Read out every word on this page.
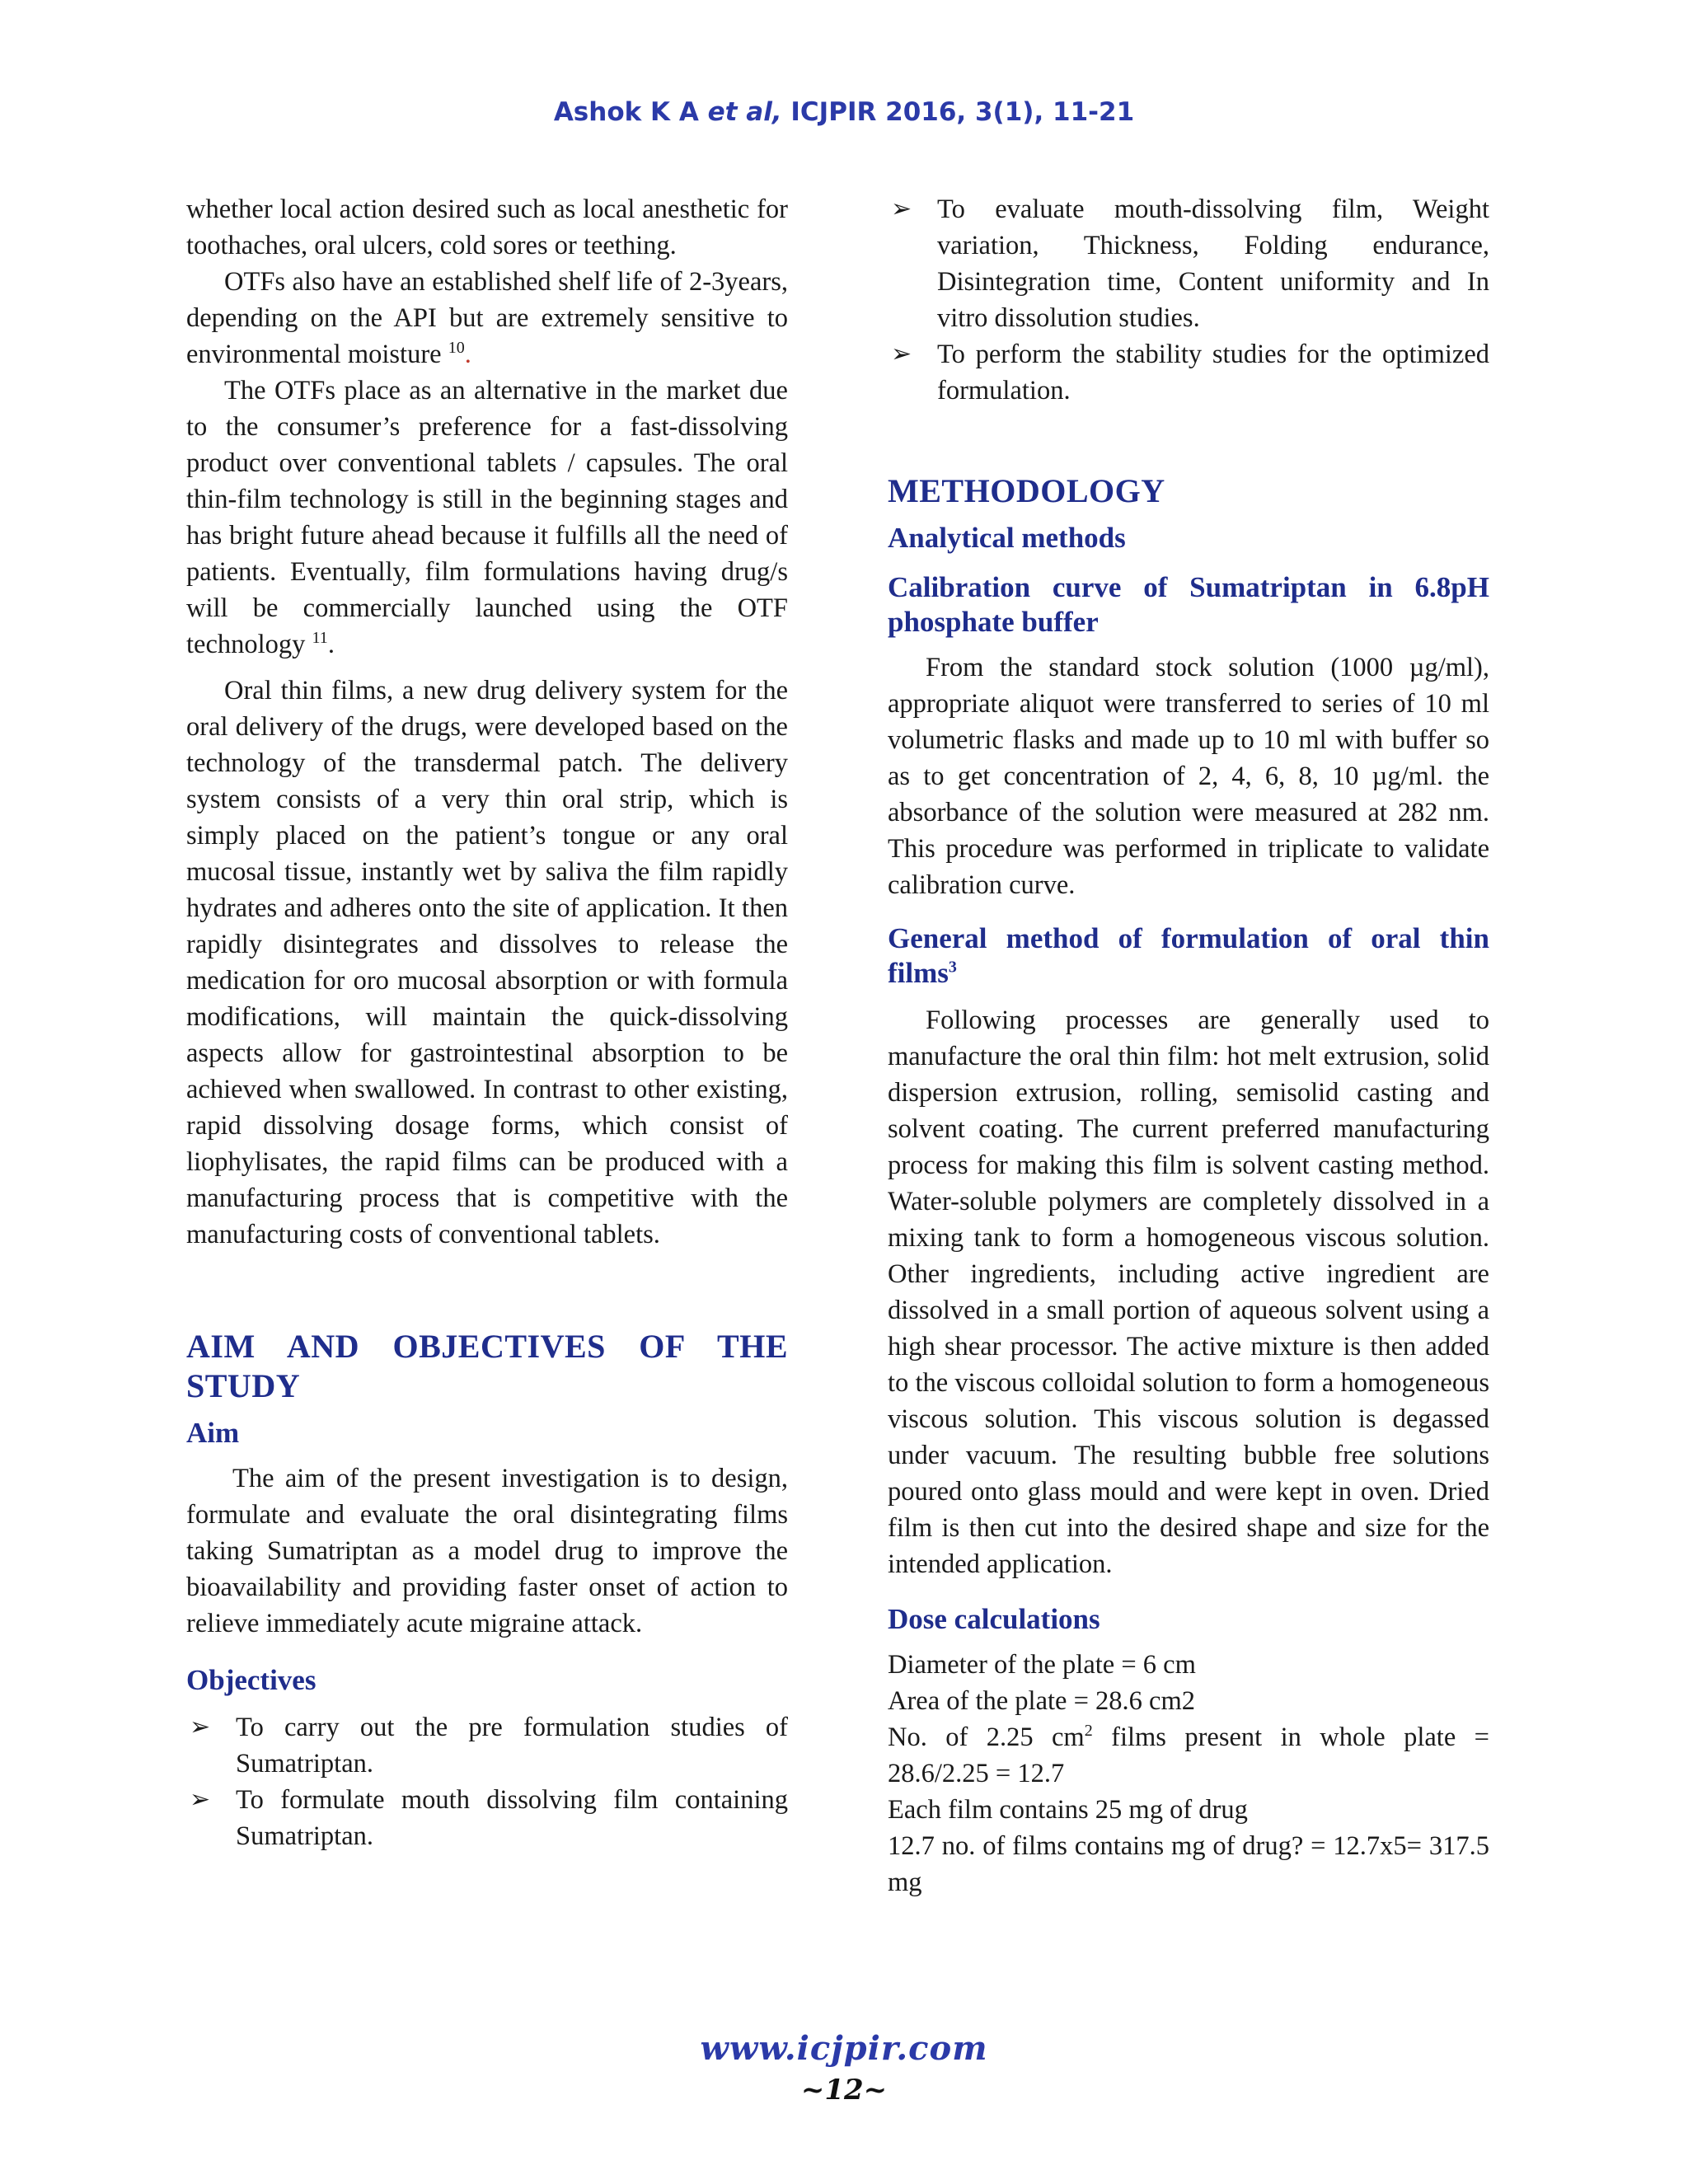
Ashok K A et al, ICJPIR 2016, 3(1), 11-21

whether local action desired such as local anesthetic for toothaches, oral ulcers, cold sores or teething.

OTFs also have an established shelf life of 2-3years, depending on the API but are extremely sensitive to environmental moisture $^{10}$.

The OTFs place as an alternative in the market due to the consumer’s preference for a fast-dissolving product over conventional tablets / capsules. The oral thin-film technology is still in the beginning stages and has bright future ahead because it fulfills all the need of patients. Eventually, film formulations having drug/s will be commercially launched using the OTF technology $^{11}$.

Oral thin films, a new drug delivery system for the oral delivery of the drugs, were developed based on the technology of the transdermal patch. The delivery system consists of a very thin oral strip, which is simply placed on the patient’s tongue or any oral mucosal tissue, instantly wet by saliva the film rapidly hydrates and adheres onto the site of application. It then rapidly disintegrates and dissolves to release the medication for oro mucosal absorption or with formula modifications, will maintain the quick-dissolving aspects allow for gastrointestinal absorption to be achieved when swallowed. In contrast to other existing, rapid dissolving dosage forms, which consist of liophylisates, the rapid films can be produced with a manufacturing process that is competitive with the manufacturing costs of conventional tablets.

AIM AND OBJECTIVES OF THE STUDY
Aim

The aim of the present investigation is to design, formulate and evaluate the oral disintegrating films taking Sumatriptan as a model drug to improve the bioavailability and providing faster onset of action to relieve immediately acute migraine attack.

Objectives
➢ To carry out the pre formulation studies of Sumatriptan.
➢ To formulate mouth dissolving film containing Sumatriptan.
➢ To evaluate mouth-dissolving film, Weight variation, Thickness, Folding endurance, Disintegration time, Content uniformity and In vitro dissolution studies.
➢ To perform the stability studies for the optimized formulation.
METHODOLOGY
Analytical methods
Calibration curve of Sumatriptan in 6.8pH phosphate buffer

From the standard stock solution (1000 µg/ml), appropriate aliquot were transferred to series of 10 ml volumetric flasks and made up to 10 ml with buffer so as to get concentration of 2, 4, 6, 8, 10 µg/ml. the absorbance of the solution were measured at 282 nm. This procedure was performed in triplicate to validate calibration curve.

General method of formulation of oral thin films$^3$

Following processes are generally used to manufacture the oral thin film: hot melt extrusion, solid dispersion extrusion, rolling, semisolid casting and solvent coating. The current preferred manufacturing process for making this film is solvent casting method. Water-soluble polymers are completely dissolved in a mixing tank to form a homogeneous viscous solution. Other ingredients, including active ingredient are dissolved in a small portion of aqueous solvent using a high shear processor. The active mixture is then added to the viscous colloidal solution to form a homogeneous viscous solution. This viscous solution is degassed under vacuum. The resulting bubble free solutions poured onto glass mould and were kept in oven. Dried film is then cut into the desired shape and size for the intended application.

Dose calculations

Diameter of the plate = 6 cm

Area of the plate = 28.6 cm2

No. of 2.25 $cm^2$ films present in whole plate = 28.6/2.25 = 12.7

Each film contains 25 mg of drug

12.7 no. of films contains mg of drug? = 12.7x5= 317.5 mg

www.icjpir.com
~12~
